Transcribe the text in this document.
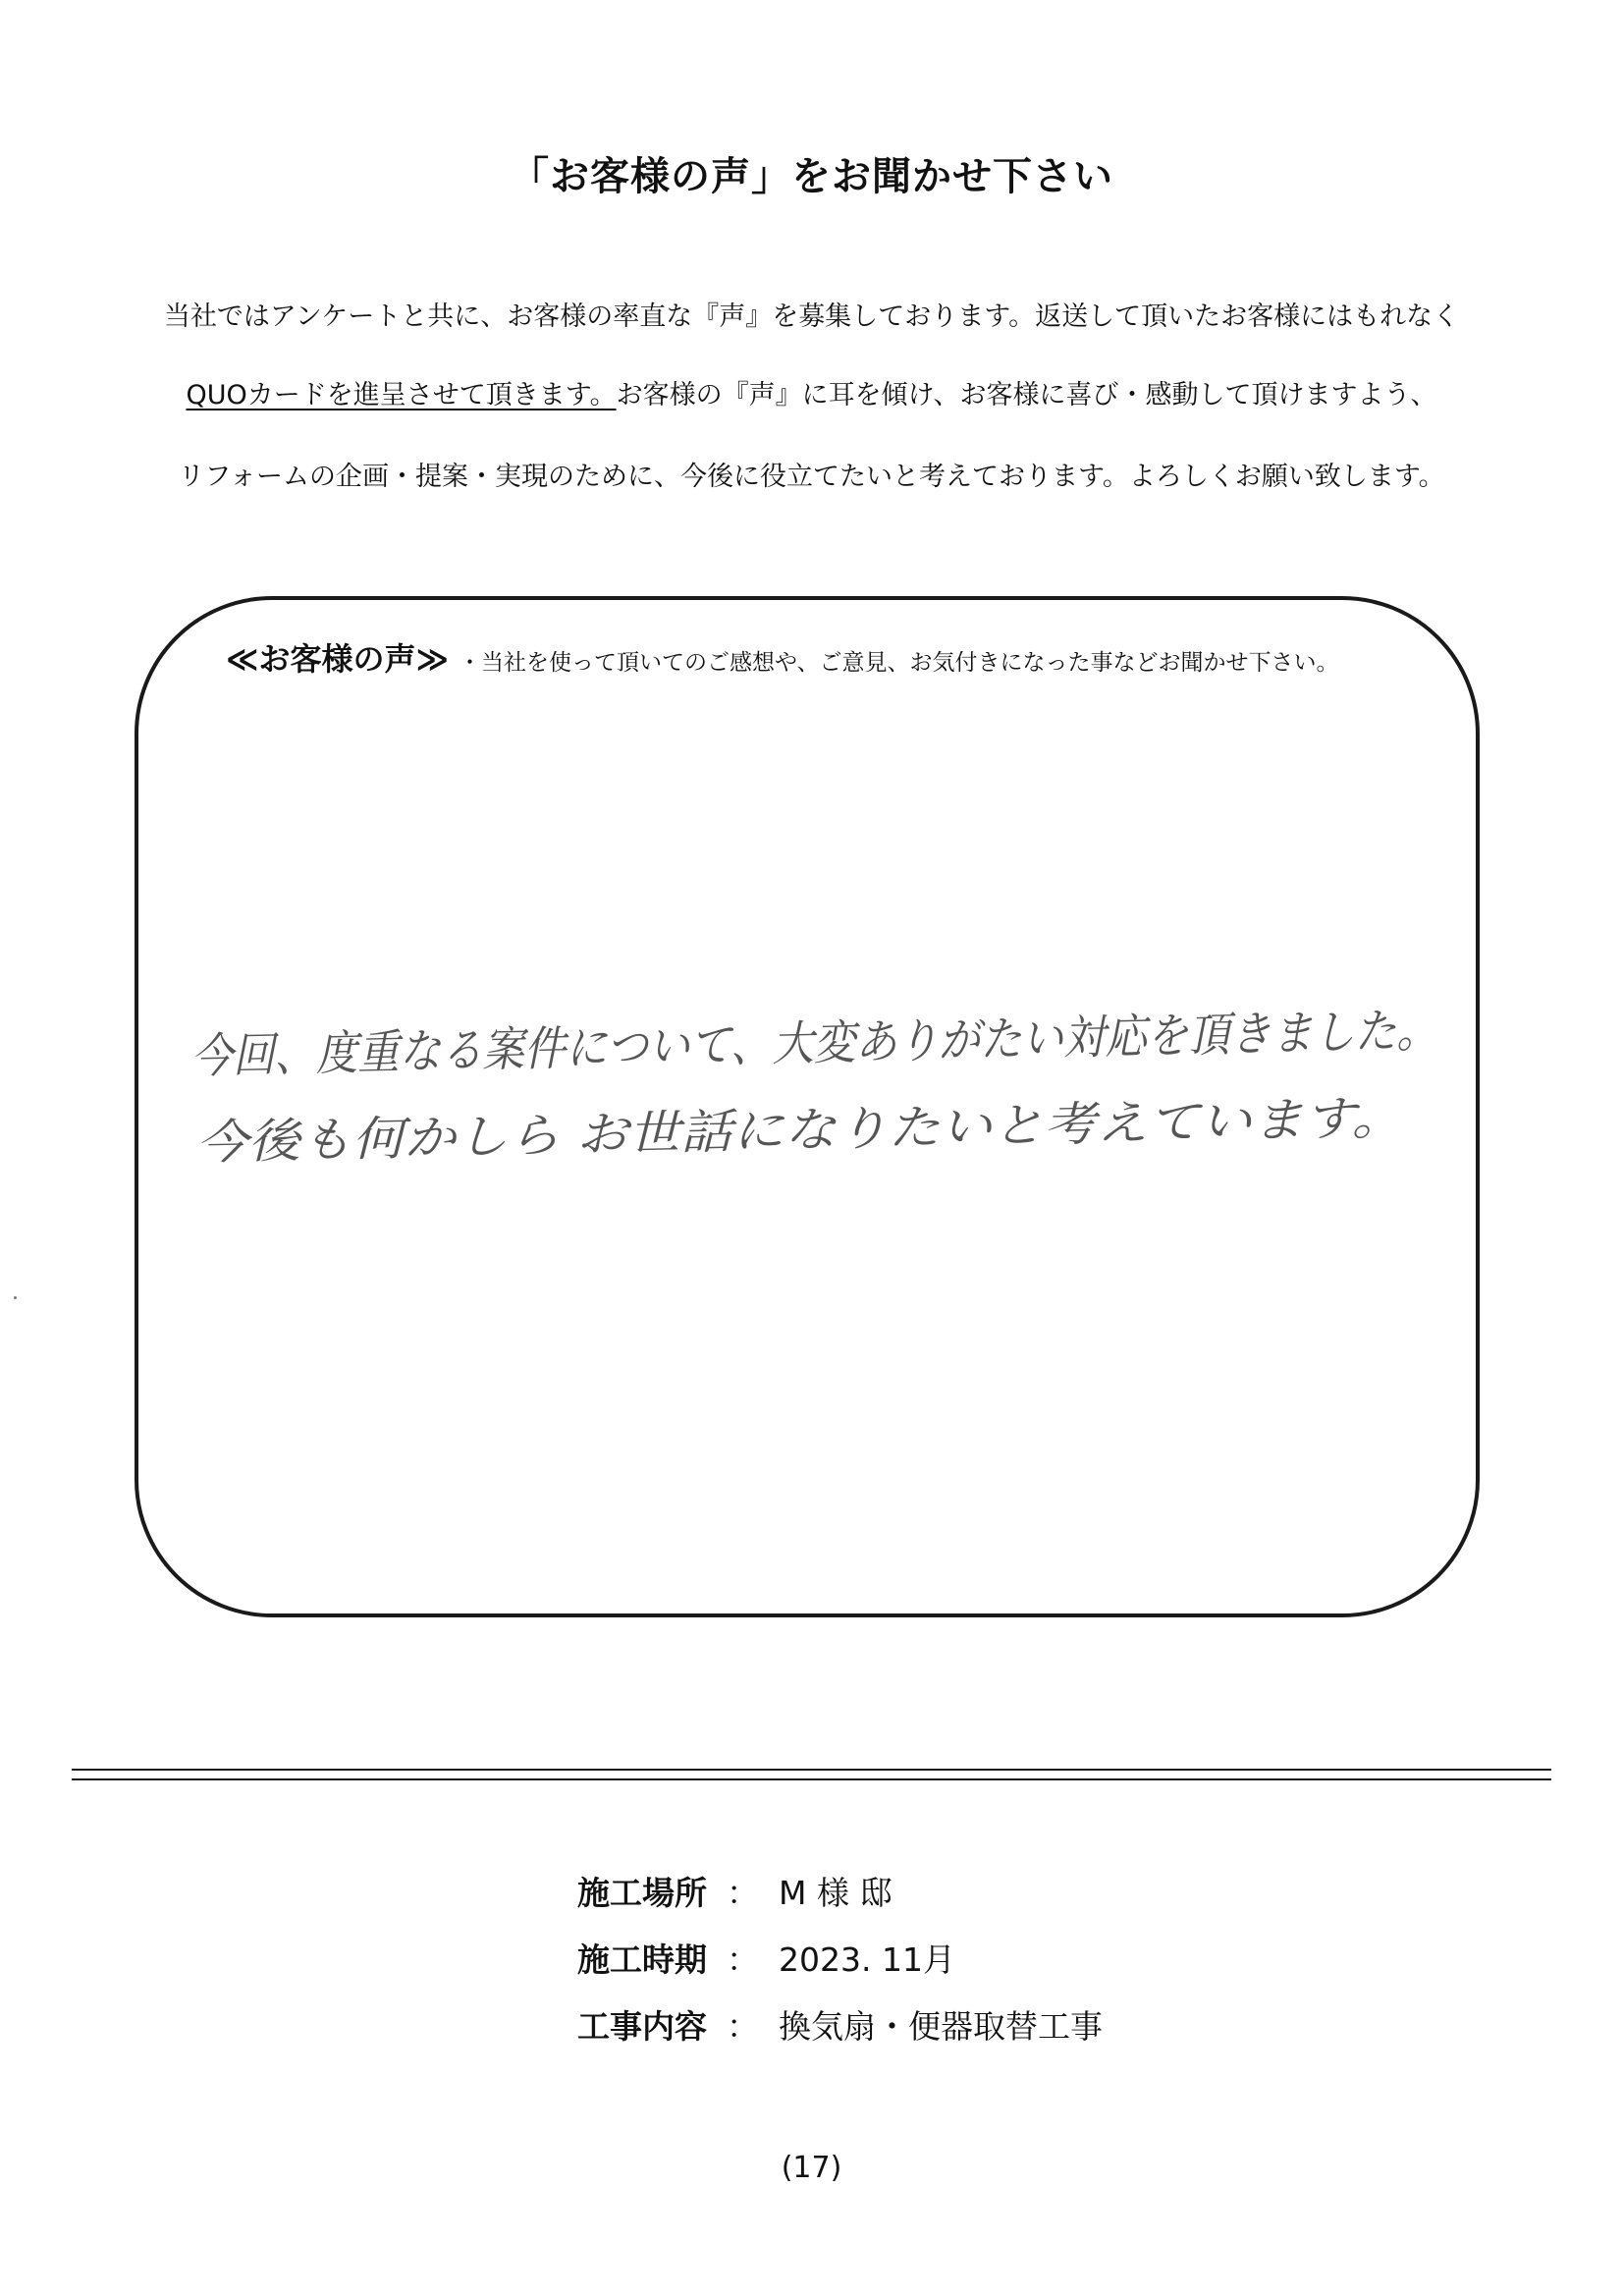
「お客様の声」をお聞かせ下さい
当社ではアンケートと共に、お客様の率直な『声』を募集しております。返送して頂いたお客様にはもれなく
QUOカードを進呈させて頂きます。お客様の『声』に耳を傾け、お客様に喜び・感動して頂けますよう、
リフォームの企画・提案・実現のために、今後に役立てたいと考えております。よろしくお願い致します。
≪お客様の声≫ ・当社を使って頂いてのご感想や、ご意見、お気付きになった事などお聞かせ下さい。
今回、度重なる案件について、大変ありがたい対応を頂きました。
今後も何かしら お世話になりたいと考えています。
施工場所 ： M 様 邸
施工時期 ： 2023. 11月
工事内容 ： 換気扇・便器取替工事
(17)
